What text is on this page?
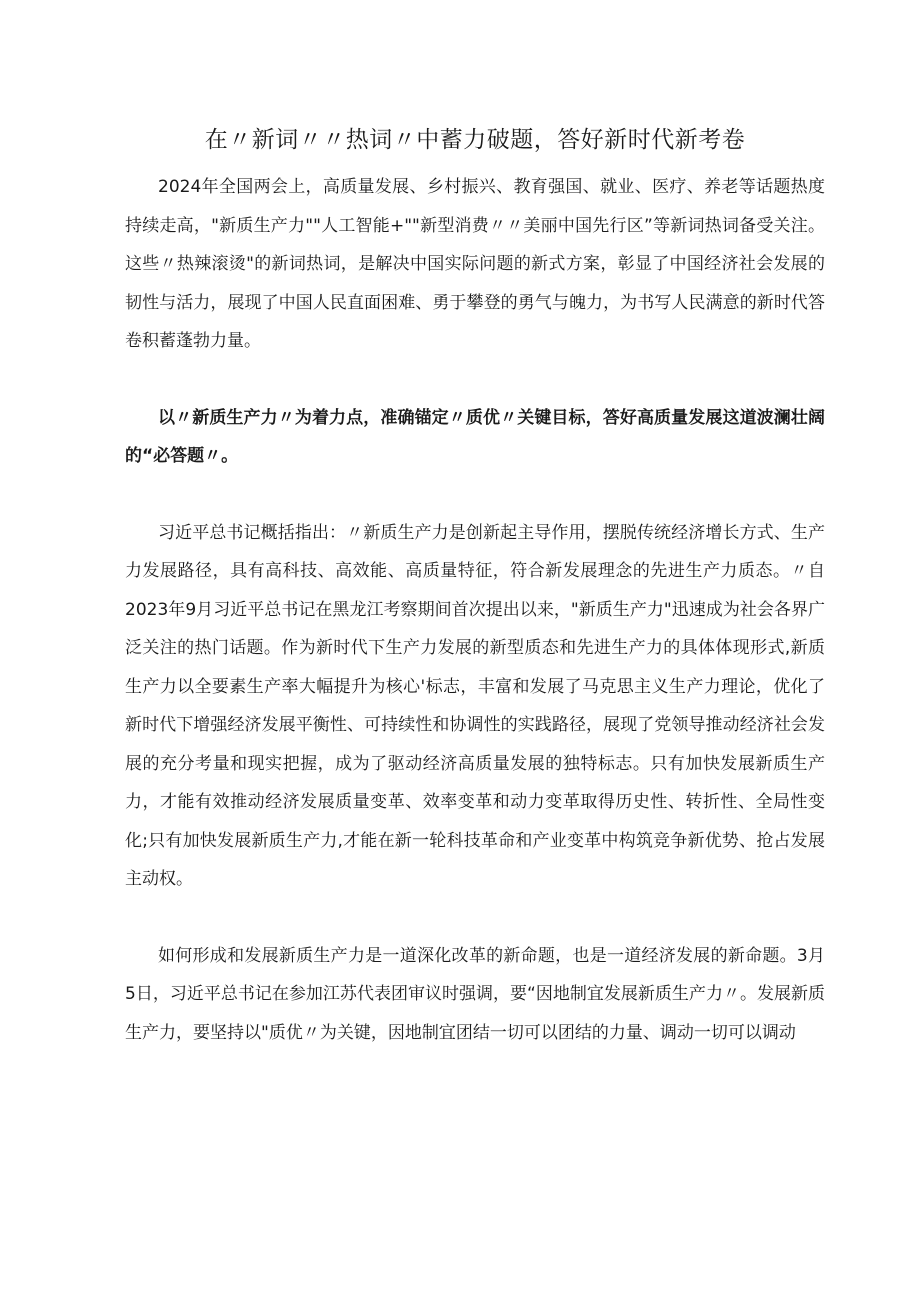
在〃新词〃〃热词〃中蓄力破题，答好新时代新考卷

2024年全国两会上，高质量发展、乡村振兴、教育强国、就业、医疗、养老等话题热度持续走高，"新质生产力""人工智能+""新型消费〃〃美丽中国先行区”等新词热词备受关注。这些〃热辣滚烫"的新词热词，是解决中国实际问题的新式方案，彰显了中国经济社会发展的韧性与活力，展现了中国人民直面困难、勇于攀登的勇气与魄力，为书写人民满意的新时代答卷积蓄蓬勃力量。

以〃新质生产力〃为着力点，准确锚定〃质优〃关键目标，答好高质量发展这道波澜壮阔的“必答题〃。

习近平总书记概括指出：〃新质生产力是创新起主导作用，摆脱传统经济增长方式、生产力发展路径，具有高科技、高效能、高质量特征，符合新发展理念的先进生产力质态。〃自2023年9月习近平总书记在黑龙江考察期间首次提出以来，"新质生产力"迅速成为社会各界广泛关注的热门话题。作为新时代下生产力发展的新型质态和先进生产力的具体体现形式,新质生产力以全要素生产率大幅提升为核心'标志，丰富和发展了马克思主义生产力理论，优化了新时代下增强经济发展平衡性、可持续性和协调性的实践路径，展现了党领导推动经济社会发展的充分考量和现实把握，成为了驱动经济高质量发展的独特标志。只有加快发展新质生产力，才能有效推动经济发展质量变革、效率变革和动力变革取得历史性、转折性、全局性变化;只有加快发展新质生产力,才能在新一轮科技革命和产业变革中构筑竞争新优势、抢占发展主动权。

如何形成和发展新质生产力是一道深化改革的新命题，也是一道经济发展的新命题。3月5日，习近平总书记在参加江苏代表团审议时强调，要“因地制宜发展新质生产力〃。发展新质生产力，要坚持以"质优〃为关键，因地制宜团结一切可以团结的力量、调动一切可以调动
